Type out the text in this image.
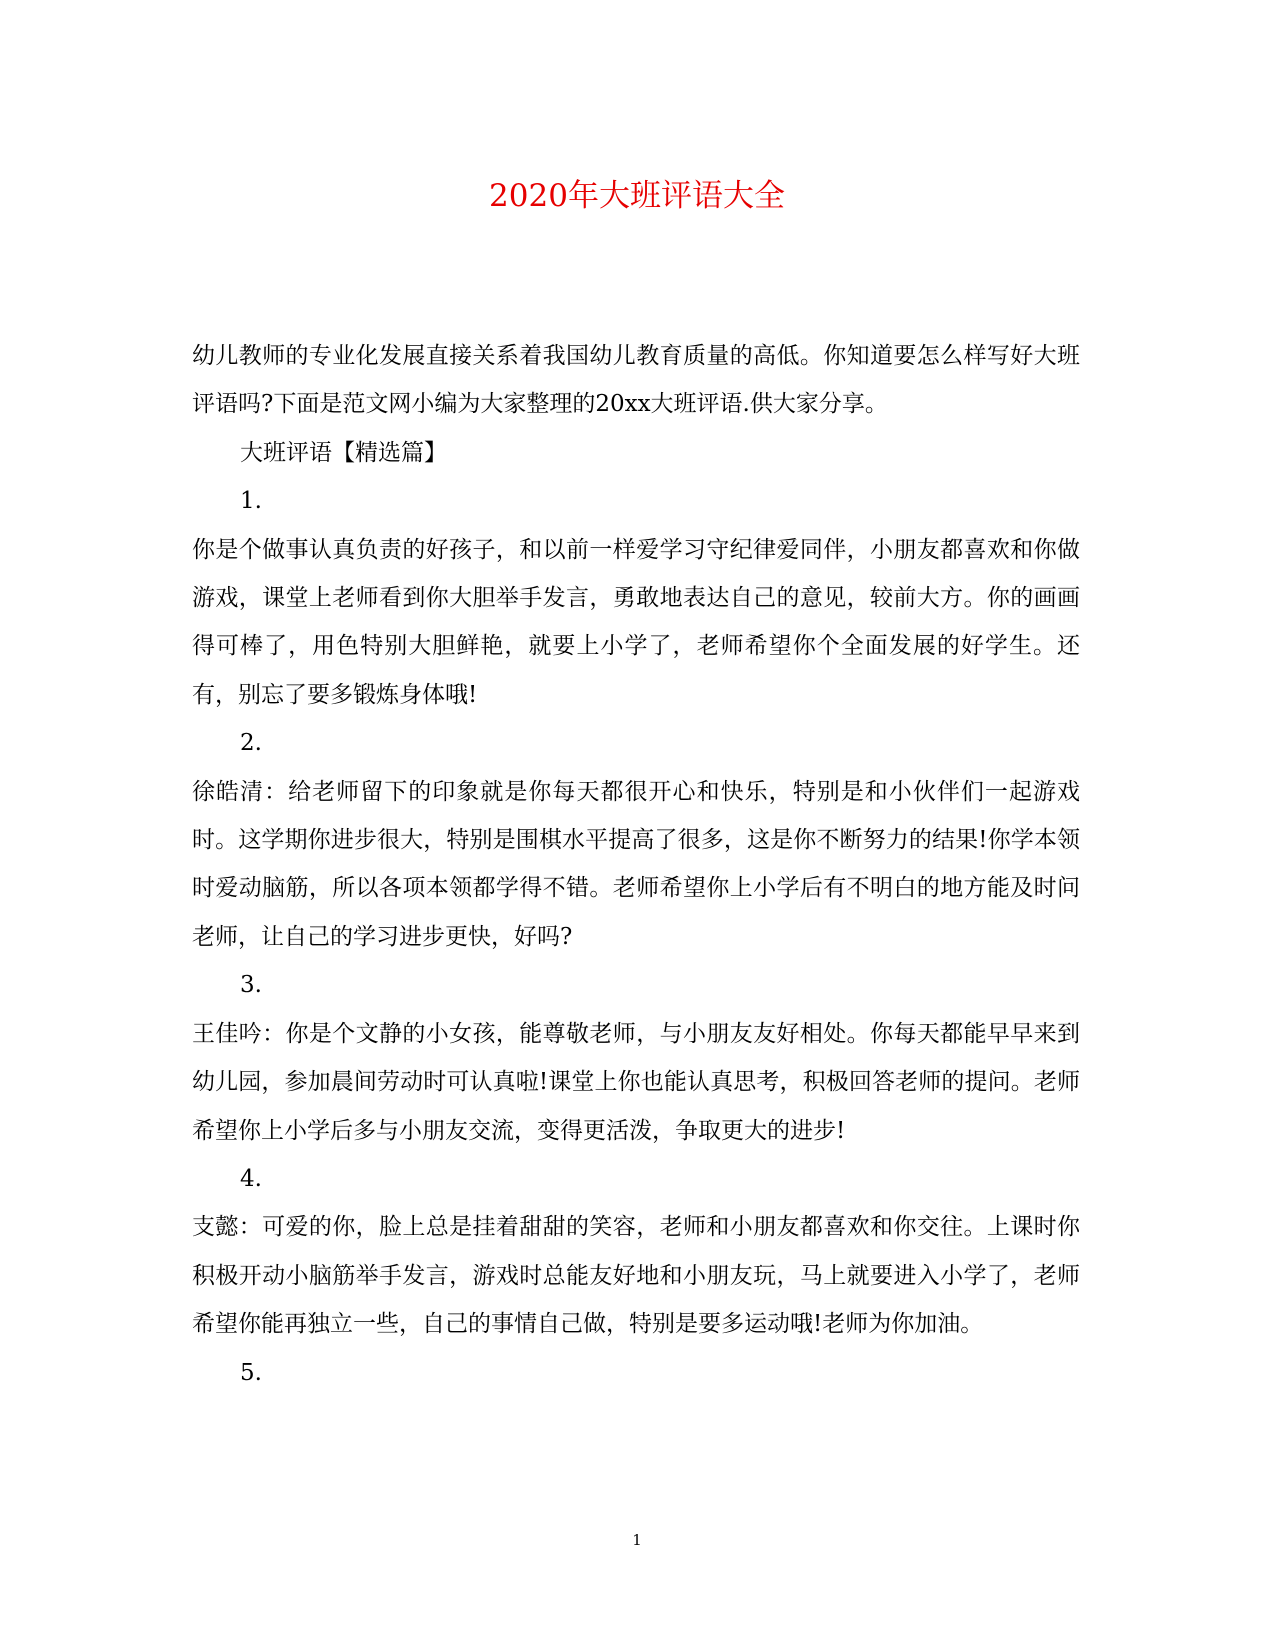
2020年大班评语大全

幼儿教师的专业化发展直接关系着我国幼儿教育质量的高低。你知道要怎么样写好大班评语吗?下面是范文网小编为大家整理的20xx大班评语.供大家分享。

大班评语【精选篇】

1.

你是个做事认真负责的好孩子，和以前一样爱学习守纪律爱同伴，小朋友都喜欢和你做游戏，课堂上老师看到你大胆举手发言，勇敢地表达自己的意见，较前大方。你的画画得可棒了，用色特别大胆鲜艳，就要上小学了，老师希望你个全面发展的好学生。还有，别忘了要多锻炼身体哦!

2.

徐皓清：给老师留下的印象就是你每天都很开心和快乐，特别是和小伙伴们一起游戏时。这学期你进步很大，特别是围棋水平提高了很多，这是你不断努力的结果!你学本领时爱动脑筋，所以各项本领都学得不错。老师希望你上小学后有不明白的地方能及时问老师，让自己的学习进步更快，好吗?

3.

王佳吟：你是个文静的小女孩，能尊敬老师，与小朋友友好相处。你每天都能早早来到幼儿园，参加晨间劳动时可认真啦!课堂上你也能认真思考，积极回答老师的提问。老师希望你上小学后多与小朋友交流，变得更活泼，争取更大的进步!

4.

支懿：可爱的你，脸上总是挂着甜甜的笑容，老师和小朋友都喜欢和你交往。上课时你积极开动小脑筋举手发言，游戏时总能友好地和小朋友玩，马上就要进入小学了，老师希望你能再独立一些，自己的事情自己做，特别是要多运动哦!老师为你加油。

5.

1
